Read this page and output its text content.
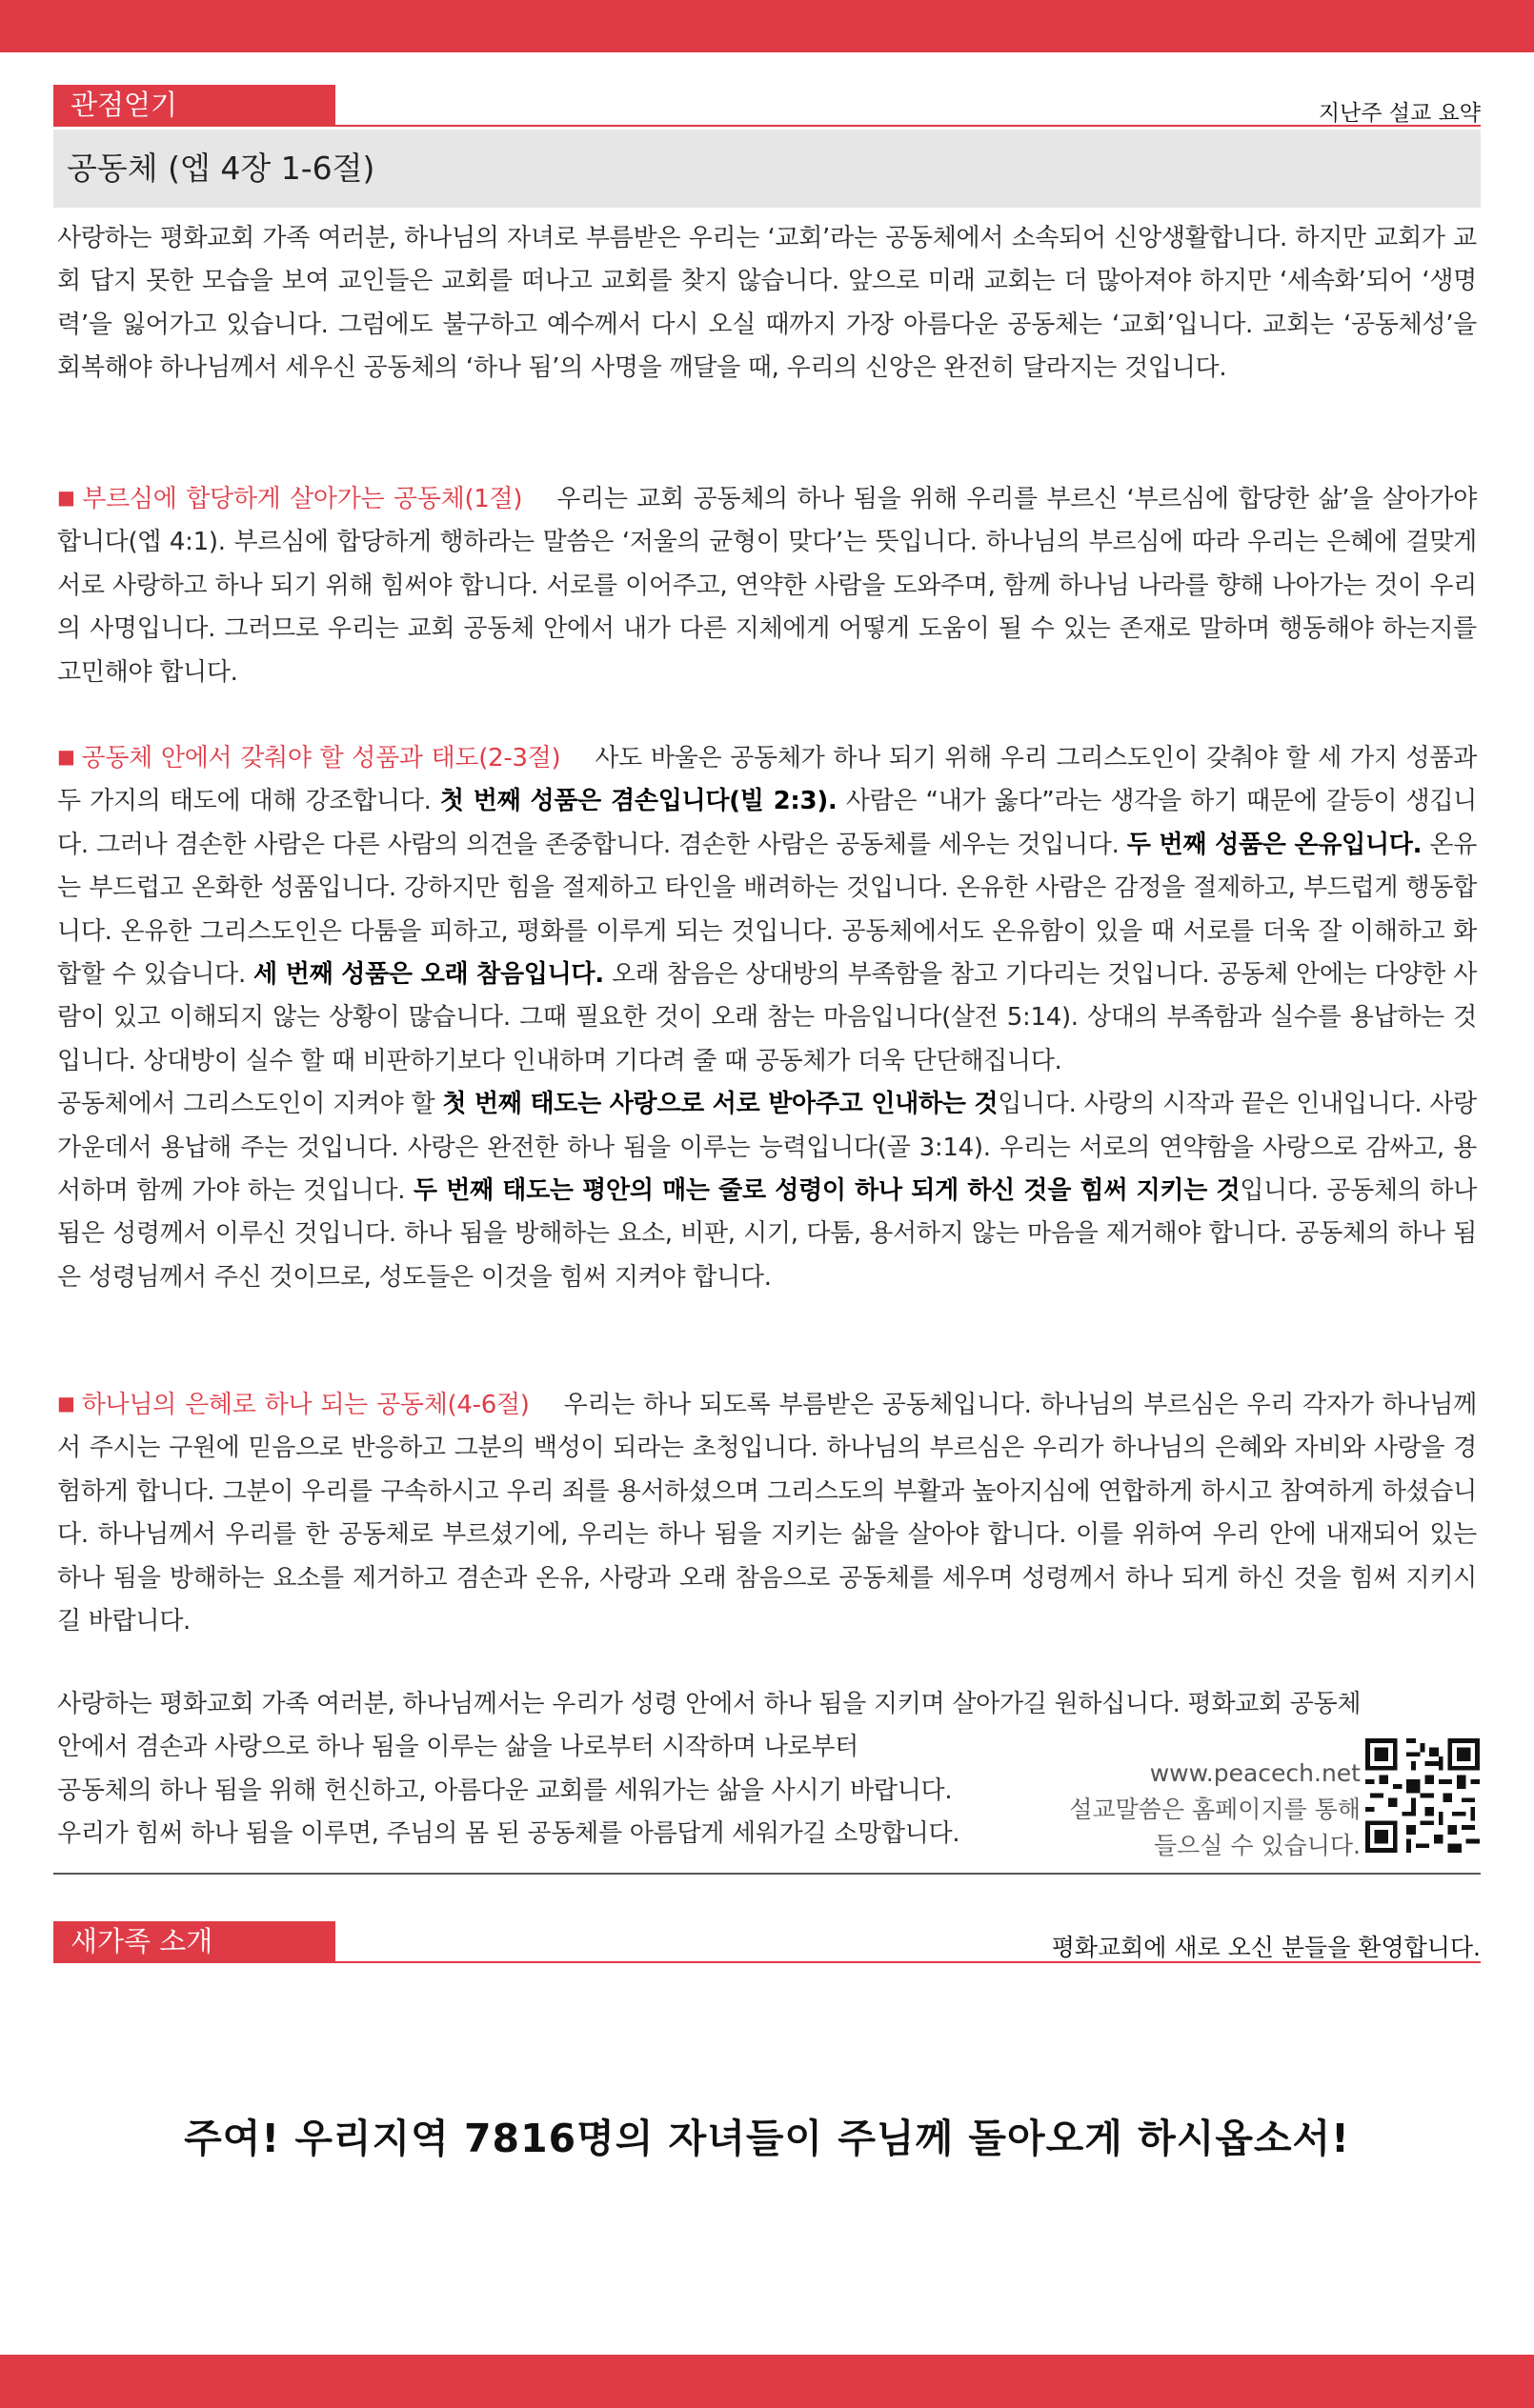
관점얻기	지난주 설교 요약
공동체 (엡 4장 1-6절)

사랑하는 평화교회 가족 여러분, 하나님의 자녀로 부름받은 우리는 ‘교회’라는 공동체에서 소속되어 신앙생활합니다. 하지만 교회가 교회 답지 못한 모습을 보여 교인들은 교회를 떠나고 교회를 찾지 않습니다. 앞으로 미래 교회는 더 많아져야 하지만 ‘세속화’되어 ‘생명력’을 잃어가고 있습니다. 그럼에도 불구하고 예수께서 다시 오실 때까지 가장 아름다운 공동체는 ‘교회’입니다. 교회는 ‘공동체성’을 회복해야 하나님께서 세우신 공동체의 ‘하나 됨’의 사명을 깨달을 때, 우리의 신앙은 완전히 달라지는 것입니다.

■ 부르심에 합당하게 살아가는 공동체(1절) 우리는 교회 공동체의 하나 됨을 위해 우리를 부르신 ‘부르심에 합당한 삶’을 살아가야 합니다(엡 4:1). 부르심에 합당하게 행하라는 말씀은 ‘저울의 균형이 맞다’는 뜻입니다. 하나님의 부르심에 따라 우리는 은혜에 걸맞게 서로 사랑하고 하나 되기 위해 힘써야 합니다. 서로를 이어주고, 연약한 사람을 도와주며, 함께 하나님 나라를 향해 나아가는 것이 우리의 사명입니다. 그러므로 우리는 교회 공동체 안에서 내가 다른 지체에게 어떻게 도움이 될 수 있는 존재로 말하며 행동해야 하는지를 고민해야 합니다.

■ 공동체 안에서 갖춰야 할 성품과 태도(2-3절) 사도 바울은 공동체가 하나 되기 위해 우리 그리스도인이 갖춰야 할 세 가지 성품과 두 가지의 태도에 대해 강조합니다. 첫 번째 성품은 겸손입니다(빌 2:3). 사람은 “내가 옳다”라는 생각을 하기 때문에 갈등이 생깁니다. 그러나 겸손한 사람은 다른 사람의 의견을 존중합니다. 겸손한 사람은 공동체를 세우는 것입니다. 두 번째 성품은 온유입니다. 온유는 부드럽고 온화한 성품입니다. 강하지만 힘을 절제하고 타인을 배려하는 것입니다. 온유한 사람은 감정을 절제하고, 부드럽게 행동합니다. 온유한 그리스도인은 다툼을 피하고, 평화를 이루게 되는 것입니다. 공동체에서도 온유함이 있을 때 서로를 더욱 잘 이해하고 화합할 수 있습니다. 세 번째 성품은 오래 참음입니다. 오래 참음은 상대방의 부족함을 참고 기다리는 것입니다. 공동체 안에는 다양한 사람이 있고 이해되지 않는 상황이 많습니다. 그때 필요한 것이 오래 참는 마음입니다(살전 5:14). 상대의 부족함과 실수를 용납하는 것입니다. 상대방이 실수 할 때 비판하기보다 인내하며 기다려 줄 때 공동체가 더욱 단단해집니다.

공동체에서 그리스도인이 지켜야 할 첫 번째 태도는 사랑으로 서로 받아주고 인내하는 것입니다. 사랑의 시작과 끝은 인내입니다. 사랑 가운데서 용납해 주는 것입니다. 사랑은 완전한 하나 됨을 이루는 능력입니다(골 3:14). 우리는 서로의 연약함을 사랑으로 감싸고, 용서하며 함께 가야 하는 것입니다. 두 번째 태도는 평안의 매는 줄로 성령이 하나 되게 하신 것을 힘써 지키는 것입니다. 공동체의 하나 됨은 성령께서 이루신 것입니다. 하나 됨을 방해하는 요소, 비판, 시기, 다툼, 용서하지 않는 마음을 제거해야 합니다. 공동체의 하나 됨은 성령님께서 주신 것이므로, 성도들은 이것을 힘써 지켜야 합니다.

■ 하나님의 은혜로 하나 되는 공동체(4-6절) 우리는 하나 되도록 부름받은 공동체입니다. 하나님의 부르심은 우리 각자가 하나님께서 주시는 구원에 믿음으로 반응하고 그분의 백성이 되라는 초청입니다. 하나님의 부르심은 우리가 하나님의 은혜와 자비와 사랑을 경험하게 합니다. 그분이 우리를 구속하시고 우리 죄를 용서하셨으며 그리스도의 부활과 높아지심에 연합하게 하시고 참여하게 하셨습니다. 하나님께서 우리를 한 공동체로 부르셨기에, 우리는 하나 됨을 지키는 삶을 살아야 합니다. 이를 위하여 우리 안에 내재되어 있는 하나 됨을 방해하는 요소를 제거하고 겸손과 온유, 사랑과 오래 참음으로 공동체를 세우며 성령께서 하나 되게 하신 것을 힘써 지키시길 바랍니다.

사랑하는 평화교회 가족 여러분, 하나님께서는 우리가 성령 안에서 하나 됨을 지키며 살아가길 원하십니다. 평화교회 공동체
안에서 겸손과 사랑으로 하나 됨을 이루는 삶을 나로부터 시작하며 나로부터
공동체의 하나 됨을 위해 헌신하고, 아름다운 교회를 세워가는 삶을 사시기 바랍니다.
우리가 힘써 하나 됨을 이루면, 주님의 몸 된 공동체를 아름답게 세워가길 소망합니다.
www.peacech.net
설교말씀은 홈페이지를 통해
들으실 수 있습니다.
새가족 소개	평화교회에 새로 오신 분들을 환영합니다.
주여! 우리지역 7816명의 자녀들이 주님께 돌아오게 하시옵소서!
